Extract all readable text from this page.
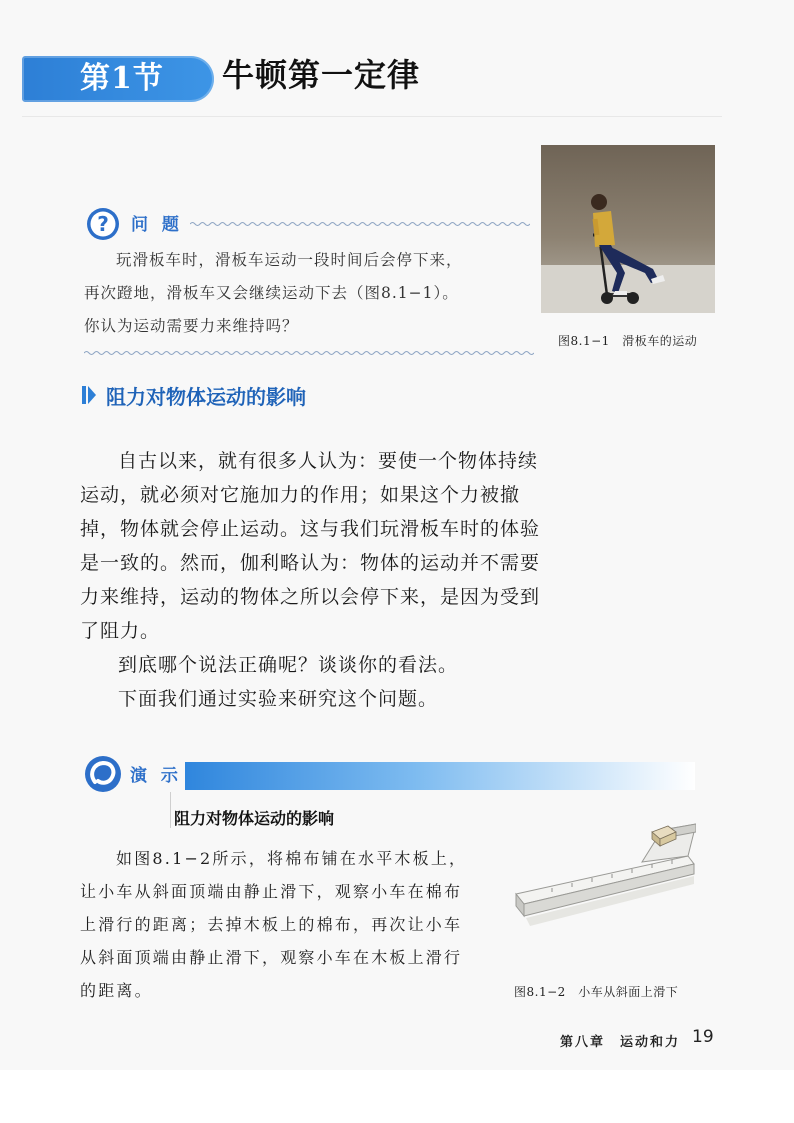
第1节 牛顿第一定律
? 问 题

玩滑板车时，滑板车运动一段时间后会停下来，

再次蹬地，滑板车又会继续运动下去（图8.1−1）。

你认为运动需要力来维持吗？

图8.1−1　滑板车的运动
阻力对物体运动的影响

自古以来，就有很多人认为：要使一个物体持续运动，就必须对它施加力的作用；如果这个力被撤掉，物体就会停止运动。这与我们玩滑板车时的体验是一致的。然而，伽利略认为：物体的运动并不需要力来维持，运动的物体之所以会停下来，是因为受到了阻力。

到底哪个说法正确呢？谈谈你的看法。

下面我们通过实验来研究这个问题。

演 示
阻力对物体运动的影响

如图8.1−2所示，将棉布铺在水平木板上，让小车从斜面顶端由静止滑下，观察小车在棉布上滑行的距离；去掉木板上的棉布，再次让小车从斜面顶端由静止滑下，观察小车在木板上滑行的距离。	图8.1−2　小车从斜面上滑下
第八章　运动和力 19
